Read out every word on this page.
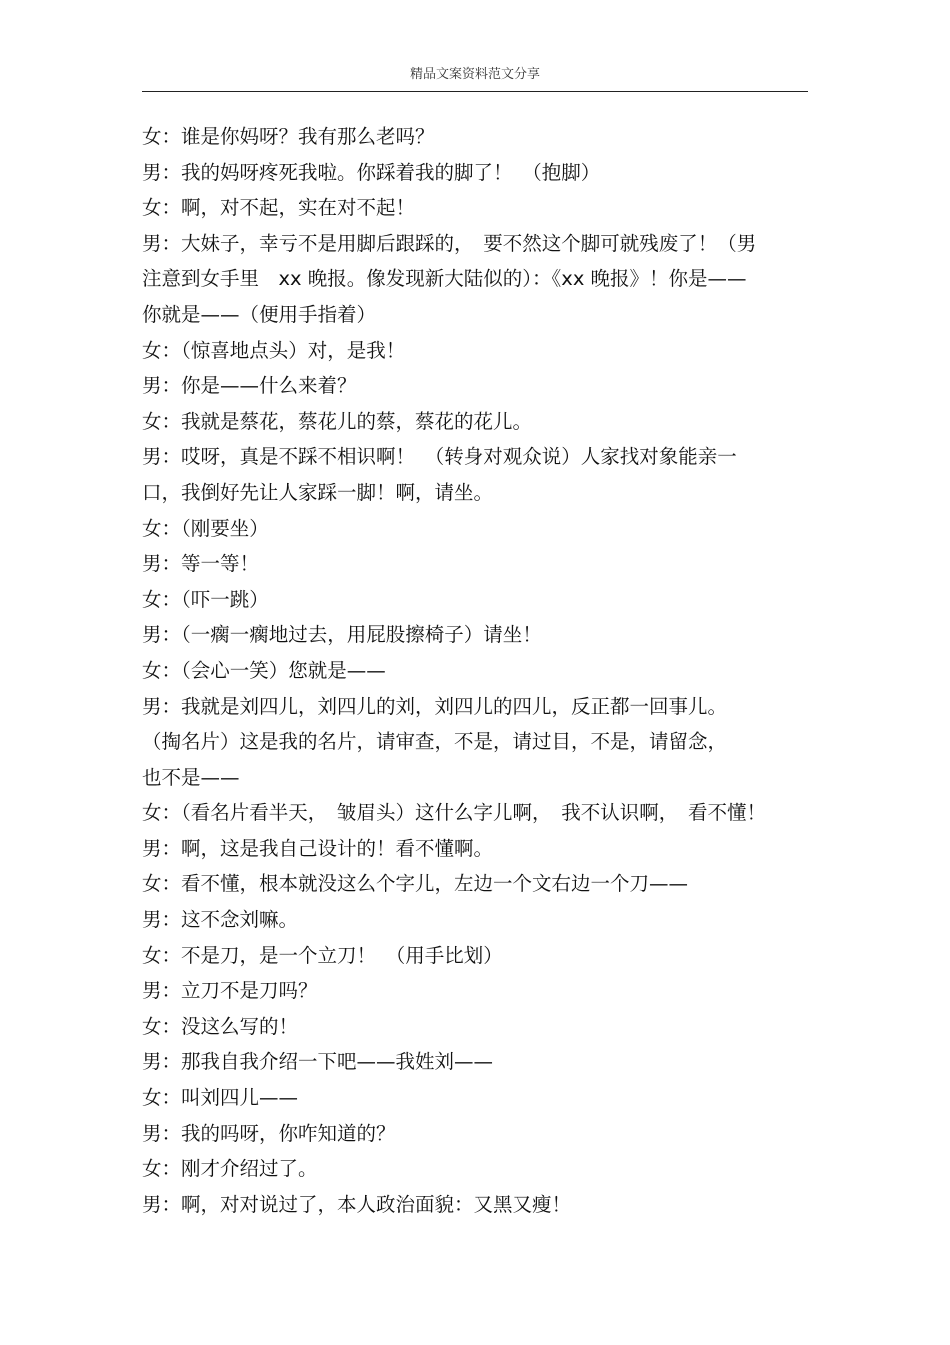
精品文案资料范文分享
女：谁是你妈呀？我有那么老吗？
男：我的妈呀疼死我啦。你踩着我的脚了！　（抱脚）
女：啊，对不起，实在对不起！
男：大妹子，幸亏不是用脚后跟踩的，　要不然这个脚可就残废了！（男
注意到女手里　xx 晚报。像发现新大陆似的）：《xx 晚报》！你是——
你就是——（便用手指着）
女：（惊喜地点头）对，是我！
男：你是——什么来着？
女：我就是蔡花，蔡花儿的蔡，蔡花的花儿。
男：哎呀，真是不踩不相识啊！　（转身对观众说）人家找对象能亲一
口，我倒好先让人家踩一脚！啊，请坐。
女：（刚要坐）
男：等一等！
女：（吓一跳）
男：（一瘸一瘸地过去，用屁股擦椅子）请坐！
女：（会心一笑）您就是——
男：我就是刘四儿，刘四儿的刘，刘四儿的四儿，反正都一回事儿。
（掏名片）这是我的名片，请审查，不是，请过目，不是，请留念，
也不是——
女：（看名片看半天，　皱眉头）这什么字儿啊，　我不认识啊，　看不懂！
男：啊，这是我自己设计的！看不懂啊。
女：看不懂，根本就没这么个字儿，左边一个文右边一个刀——
男：这不念刘嘛。
女：不是刀，是一个立刀！　（用手比划）
男：立刀不是刀吗？
女：没这么写的！
男：那我自我介绍一下吧——我姓刘——
女：叫刘四儿——
男：我的吗呀，你咋知道的？
女：刚才介绍过了。
男：啊，对对说过了，本人政治面貌：又黑又瘦！
